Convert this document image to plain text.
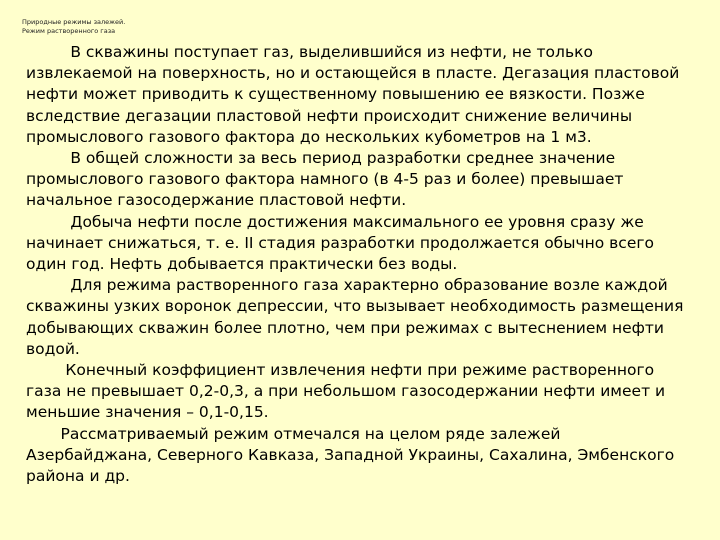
Природные режимы залежей.
Режим растворенного газа
В скважины поступает газ, выделившийся из нефти, не только
извлекаемой на поверхность, но и остающейся в пласте. Дегазация пластовой
нефти может приводить к существенному повышению ее вязкости. Позже
вследствие дегазации пластовой нефти происходит снижение величины
промыслового газового фактора до нескольких кубометров на 1 м3.
В общей сложности за весь период разработки среднее значение
промыслового газового фактора намного (в 4-5 раз и более) превышает
начальное газосодержание пластовой нефти.
Добыча нефти после достижения максимального ее уровня сразу же
начинает снижаться, т. е. II стадия разработки продолжается обычно всего
один год. Нефть добывается практически без воды.
Для режима растворенного газа характерно образование возле каждой
скважины узких воронок депрессии, что вызывает необходимость размещения
добывающих скважин более плотно, чем при режимах с вытеснением нефти
водой.
Конечный коэффициент извлечения нефти при режиме растворенного
газа не превышает 0,2-0,3, а при небольшом газосодержании нефти имеет и
меньшие значения – 0,1-0,15.
Рассматриваемый режим отмечался на целом ряде залежей
Азербайджана, Северного Кавказа, Западной Украины, Сахалина, Эмбенского
района и др.
